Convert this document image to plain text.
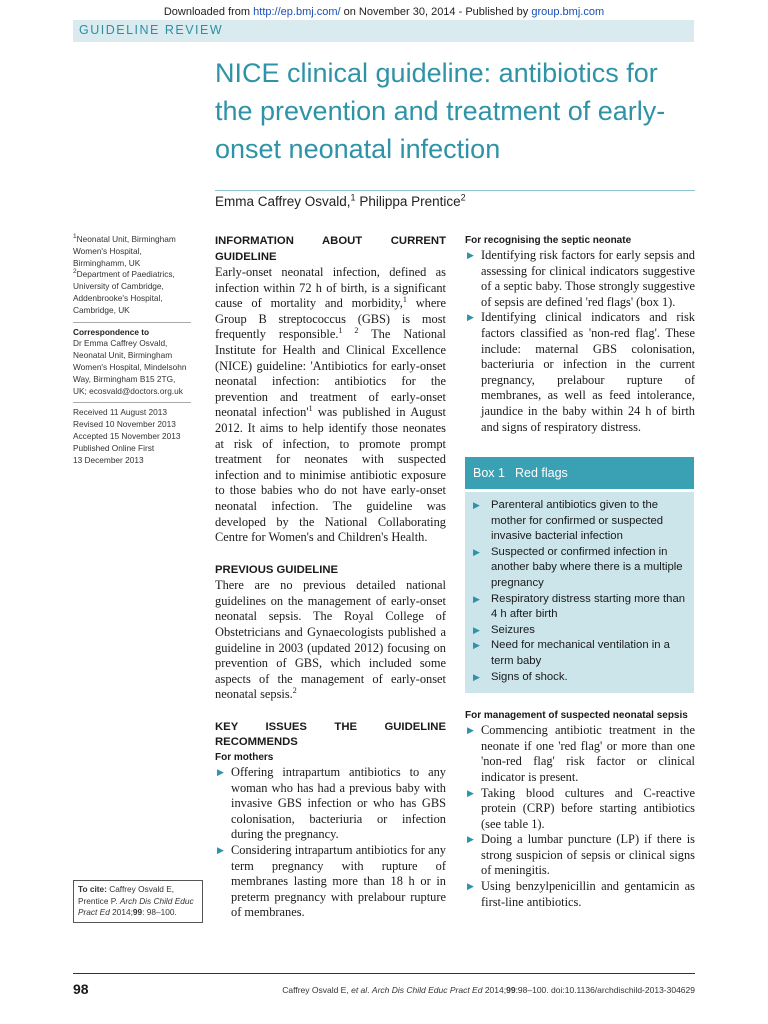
Downloaded from http://ep.bmj.com/ on November 30, 2014 - Published by group.bmj.com
GUIDELINE REVIEW
NICE clinical guideline: antibiotics for the prevention and treatment of early-onset neonatal infection
Emma Caffrey Osvald,$^1$ Philippa Prentice$^2$

$^1$Neonatal Unit, Birmingham Women's Hospital, Birminghamm, UK

$^2$Department of Paediatrics, University of Cambridge, Addenbrooke's Hospital, Cambridge, UK

Correspondence to

Dr Emma Caffrey Osvald, Neonatal Unit, Birmingham Women's Hospital, Mindelsohn Way, Birmingham B15 2TG, UK; ecosvald@doctors.org.uk

Received 11 August 2013

Revised 10 November 2013

Accepted 15 November 2013

Published Online First

13 December 2013

To cite: Caffrey Osvald E, Prentice P. Arch Dis Child Educ Pract Ed 2014;99: 98–100.

INFORMATION ABOUT CURRENT GUIDELINE

Early-onset neonatal infection, defined as infection within 72 h of birth, is a significant cause of mortality and morbidity,$^1$ where Group B streptococcus (GBS) is most frequently responsible.$^{1 2}$ The National Institute for Health and Clinical Excellence (NICE) guideline: 'Antibiotics for early-onset neonatal infection: antibiotics for the prevention and treatment of early-onset neonatal $infection'^1$ was published in August 2012. It aims to help identify those neonates at risk of infection, to promote prompt treatment for neonates with suspected infection and to minimise antibiotic exposure to those babies who do not have early-onset neonatal infection. The guideline was developed by the National Collaborating Centre for Women's and Children's Health.

PREVIOUS GUIDELINE

There are no previous detailed national guidelines on the management of early-onset neonatal sepsis. The Royal College of Obstetricians and Gynaecologists published a guideline in 2003 (updated 2012) focusing on prevention of GBS, which included some aspects of the management of early-onset neonatal sepsis.$^2$

KEY ISSUES THE GUIDELINE RECOMMENDS

For mothers

▶ Offering intrapartum antibiotics to any woman who has had a previous baby with invasive GBS infection or who has GBS colonisation, bacteriuria or infection during the pregnancy.
▶ Considering intrapartum antibiotics for any term pregnancy with rupture of membranes lasting more than 18 h or in preterm pregnancy with prelabour rupture of membranes.

For recognising the septic neonate

▶ Identifying risk factors for early sepsis and assessing for clinical indicators suggestive of a septic baby. Those strongly suggestive of sepsis are defined 'red flags' (box 1).
▶ Identifying clinical indicators and risk factors classified as 'non-red flag'. These include: maternal GBS colonisation, bacteriuria or infection in the current pregnancy, prelabour rupture of membranes, as well as feed intolerance, jaundice in the baby within 24 h of birth and signs of respiratory distress.

For management of suspected neonatal sepsis

▶ Commencing antibiotic treatment in the neonate if one 'red flag' or more than one 'non-red flag' risk factor or clinical indicator is present.
▶ Taking blood cultures and C-reactive protein (CRP) before starting antibiotics (see table 1).
▶ Doing a lumbar puncture (LP) if there is strong suspicion of sepsis or clinical signs of meningitis.
▶ Using benzylpenicillin and gentamicin as first-line antibiotics.
Box 1 Red flags
▶ Parenteral antibiotics given to the mother for confirmed or suspected invasive bacterial infection
▶ Suspected or confirmed infection in another baby where there is a multiple pregnancy
▶ Respiratory distress starting more than 4 h after birth
▶ Seizures
▶ Need for mechanical ventilation in a term baby
▶ Signs of shock.
98	Caffrey Osvald E, et al. Arch Dis Child Educ Pract Ed 2014;99:98–100. doi:10.1136/archdischild-2013-304629
